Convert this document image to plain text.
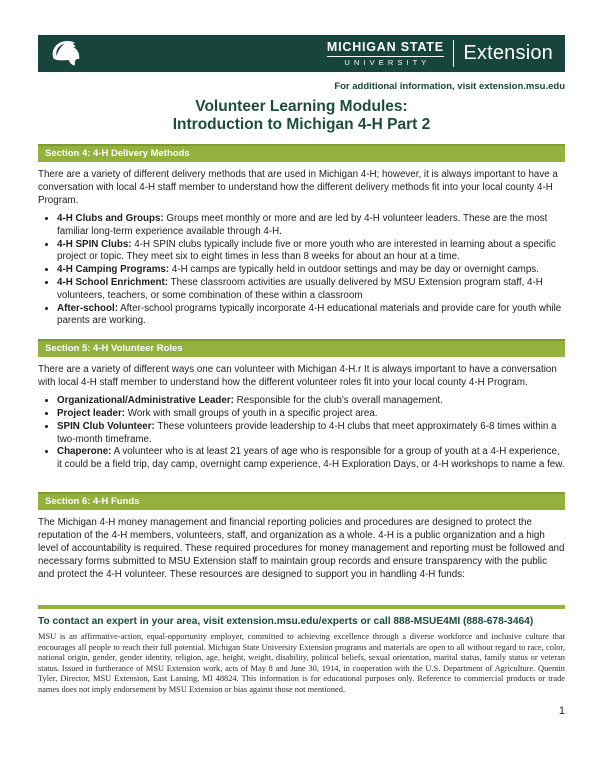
MICHIGAN STATE
UNIVERSITY	Extension
For additional information, visit extension.msu.edu
Volunteer Learning Modules:
Introduction to Michigan 4-H Part 2
Section 4: 4-H Delivery Methods

There are a variety of different delivery methods that are used in Michigan 4-H; however, it is always important to have a conversation with local 4-H staff member to understand how the different delivery methods fit into your local county 4-H Program.

• 4-H Clubs and Groups: Groups meet monthly or more and are led by 4-H volunteer leaders. These are the most familiar long-term experience available through 4-H.
• 4-H SPIN Clubs: 4-H SPIN clubs typically include five or more youth who are interested in learning about a specific project or topic. They meet six to eight times in less than 8 weeks for about an hour at a time.
• 4-H Camping Programs: 4-H camps are typically held in outdoor settings and may be day or overnight camps.
• 4-H School Enrichment: These classroom activities are usually delivered by MSU Extension program staff, 4-H volunteers, teachers, or some combination of these within a classroom
• After-school: After-school programs typically incorporate 4-H educational materials and provide care for youth while parents are working.
Section 5: 4-H Volunteer Roles

There are a variety of different ways one can volunteer with Michigan 4-H.r It is always important to have a conversation with local 4-H staff member to understand how the different volunteer roles fit into your local county 4-H Program.

• Organizational/Administrative Leader: Responsible for the club’s overall management.
• Project leader: Work with small groups of youth in a specific project area.
• SPIN Club Volunteer: These volunteers provide leadership to 4-H clubs that meet approximately 6-8 times within a two-month timeframe.
• Chaperone: A volunteer who is at least 21 years of age who is responsible for a group of youth at a 4-H experience, it could be a field trip, day camp, overnight camp experience, 4-H Exploration Days, or 4-H workshops to name a few.
Section 6: 4-H Funds

The Michigan 4-H money management and financial reporting policies and procedures are designed to protect the reputation of the 4-H members, volunteers, staff, and organization as a whole. 4-H is a public organization and a high level of accountability is required. These required procedures for money management and reporting must be followed and necessary forms submitted to MSU Extension staff to maintain group records and ensure transparency with the public and protect the 4-H volunteer. These resources are designed to support you in handling 4-H funds:

To contact an expert in your area, visit extension.msu.edu/experts or call 888-MSUE4MI (888-678-3464)
MSU is an affirmative-action, equal-opportunity employer, committed to achieving excellence through a diverse workforce and inclusive culture that encourages all people to reach their full potential. Michigan State University Extension programs and materials are open to all without regard to race, color, national origin, gender, gender identity, religion, age, height, weight, disability, political beliefs, sexual orientation, marital status, family status or veteran status. Issued in furtherance of MSU Extension work, acts of May 8 and June 30, 1914, in cooperation with the U.S. Department of Agriculture. Quentin Tyler, Director, MSU Extension, East Lansing, MI 48824. This information is for educational purposes only. Reference to commercial products or trade names does not imply endorsement by MSU Extension or bias against those not mentioned.
1
